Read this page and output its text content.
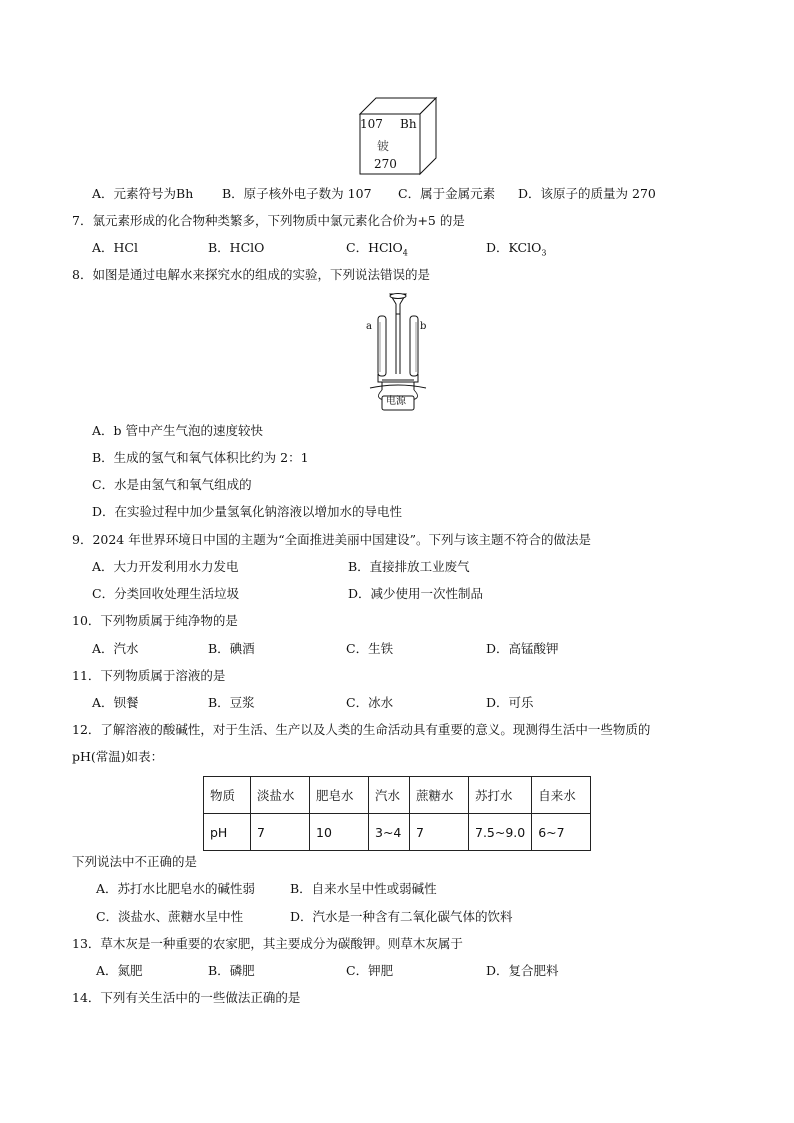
107 Bh
铍
270
A．元素符号为Bh B．原子核外电子数为 107 C．属于金属元素 D．该原子的质量为 270
7．氯元素形成的化合物种类繁多，下列物质中氯元素化合价为+5 的是
A．HCl	B．HClO	C．HClO$_4$	D．KClO$_3$
8．如图是通过电解水来探究水的组成的实验，下列说法错误的是
a	b
电源
A．b 管中产生气泡的速度较快
B．生成的氢气和氧气体积比约为 2：1
C．水是由氢气和氧气组成的
D．在实验过程中加少量氢氧化钠溶液以增加水的导电性
9．2024 年世界环境日中国的主题为“全面推进美丽中国建设”。下列与该主题不符合的做法是
A．大力开发利用水力发电	B．直接排放工业废气
C．分类回收处理生活垃圾	D．减少使用一次性制品
10．下列物质属于纯净物的是
A．汽水	B．碘酒	C．生铁	D．高锰酸钾
11．下列物质属于溶液的是
A．钡餐	B．豆浆	C．冰水	D．可乐
12．了解溶液的酸碱性，对于生活、生产以及人类的生命活动具有重要的意义。现测得生活中一些物质的
pH(常温)如表：
物质	淡盐水	肥皂水	汽水	蔗糖水	苏打水	自来水
pH	7	10	3~4	7	7.5~9.0	6~7
下列说法中不正确的是
A．苏打水比肥皂水的碱性弱	B．自来水呈中性或弱碱性
C．淡盐水、蔗糖水呈中性	D．汽水是一种含有二氧化碳气体的饮料
13．草木灰是一种重要的农家肥，其主要成分为碳酸钾。则草木灰属于
A．氮肥	B．磷肥	C．钾肥	D．复合肥料
14．下列有关生活中的一些做法正确的是
